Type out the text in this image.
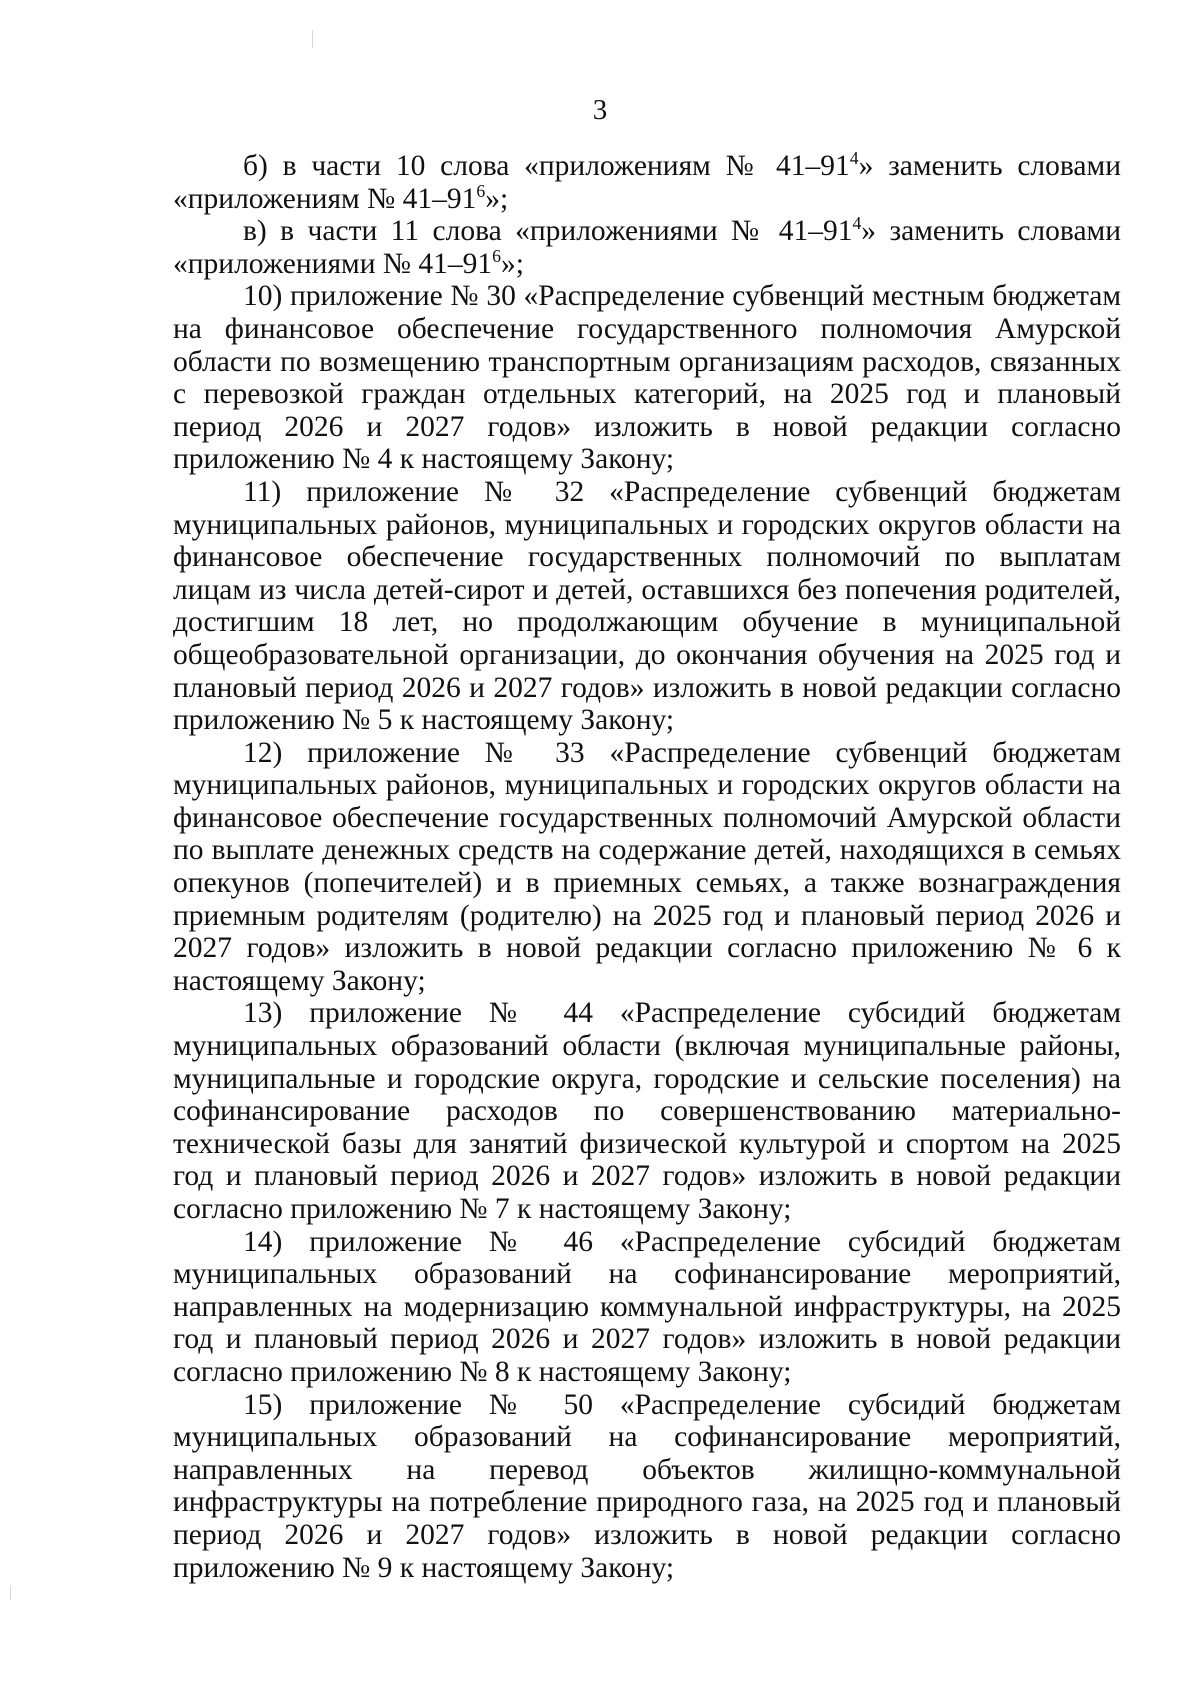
3

б) в части 10 слова «приложениям № $41-91^4$» заменить словами «приложениям № $41-91^6$»;

в) в части 11 слова «приложениями № $41-91^4$» заменить словами «приложениями № $41-91^6$»;

10) приложение № 30 «Распределение субвенций местным бюджетам на финансовое обеспечение государственного полномочия Амурской области по возмещению транспортным организациям расходов, связанных с перевозкой граждан отдельных категорий, на 2025 год и плановый период 2026 и 2027 годов» изложить в новой редакции согласно приложению № 4 к настоящему Закону;

11) приложение № 32 «Распределение субвенций бюджетам муниципальных районов, муниципальных и городских округов области на финансовое обеспечение государственных полномочий по выплатам лицам из числа детей-сирот и детей, оставшихся без попечения родителей, достигшим 18 лет, но продолжающим обучение в муниципальной общеобразовательной организации, до окончания обучения на 2025 год и плановый период 2026 и 2027 годов» изложить в новой редакции согласно приложению № 5 к настоящему Закону;

12) приложение № 33 «Распределение субвенций бюджетам муниципальных районов, муниципальных и городских округов области на финансовое обеспечение государственных полномочий Амурской области по выплате денежных средств на содержание детей, находящихся в семьях опекунов (попечителей) и в приемных семьях, а также вознаграждения приемным родителям (родителю) на 2025 год и плановый период 2026 и 2027 годов» изложить в новой редакции согласно приложению № 6 к настоящему Закону;

13) приложение № 44 «Распределение субсидий бюджетам муниципальных образований области (включая муниципальные районы, муниципальные и городские округа, городские и сельские поселения) на софинансирование расходов по совершенствованию материально-технической базы для занятий физической культурой и спортом на 2025 год и плановый период 2026 и 2027 годов» изложить в новой редакции согласно приложению № 7 к настоящему Закону;

14) приложение № 46 «Распределение субсидий бюджетам муниципальных образований на софинансирование мероприятий, направленных на модернизацию коммунальной инфраструктуры, на 2025 год и плановый период 2026 и 2027 годов» изложить в новой редакции согласно приложению № 8 к настоящему Закону;

15) приложение № 50 «Распределение субсидий бюджетам муниципальных образований на софинансирование мероприятий, направленных на перевод объектов жилищно-коммунальной инфраструктуры на потребление природного газа, на 2025 год и плановый период 2026 и 2027 годов» изложить в новой редакции согласно приложению № 9 к настоящему Закону;
